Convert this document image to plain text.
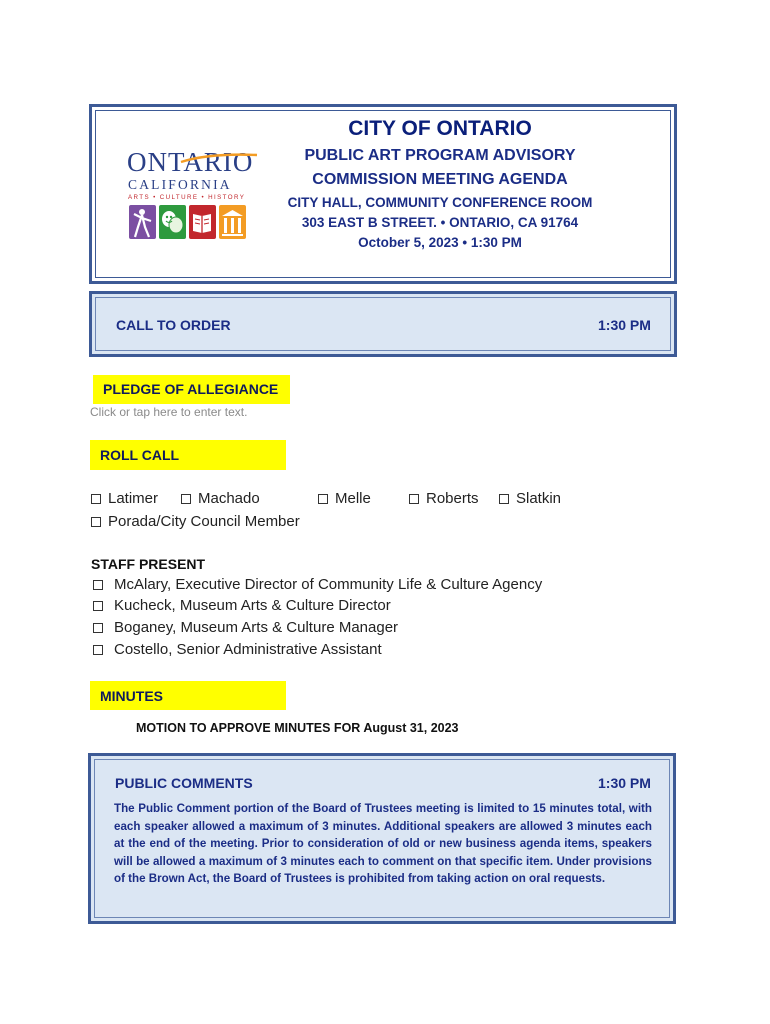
ONTARIO
CALIFORNIA
ARTS • CULTURE • HISTORY
CITY OF ONTARIO
PUBLIC ART PROGRAM ADVISORY
COMMISSION MEETING AGENDA
CITY HALL, COMMUNITY CONFERENCE ROOM
303 EAST B STREET. • ONTARIO, CA 91764
October 5, 2023 • 1:30 PM
CALL TO ORDER	1:30 PM
PLEDGE OF ALLEGIANCE
Click or tap here to enter text.
ROLL CALL
Latimer	Machado	Melle	Roberts Slatkin
Porada/City Council Member
STAFF PRESENT
McAlary, Executive Director of Community Life & Culture Agency
Kucheck, Museum Arts & Culture Director
Boganey, Museum Arts & Culture Manager
Costello, Senior Administrative Assistant
MINUTES
MOTION TO APPROVE MINUTES FOR August 31, 2023
PUBLIC COMMENTS	1:30 PM
The Public Comment portion of the Board of Trustees meeting is limited to 15 minutes total, with each speaker allowed a maximum of 3 minutes. Additional speakers are allowed 3 minutes each at the end of the meeting. Prior to consideration of old or new business agenda items, speakers will be allowed a maximum of 3 minutes each to comment on that specific item. Under provisions of the Brown Act, the Board of Trustees is prohibited from taking action on oral requests.
